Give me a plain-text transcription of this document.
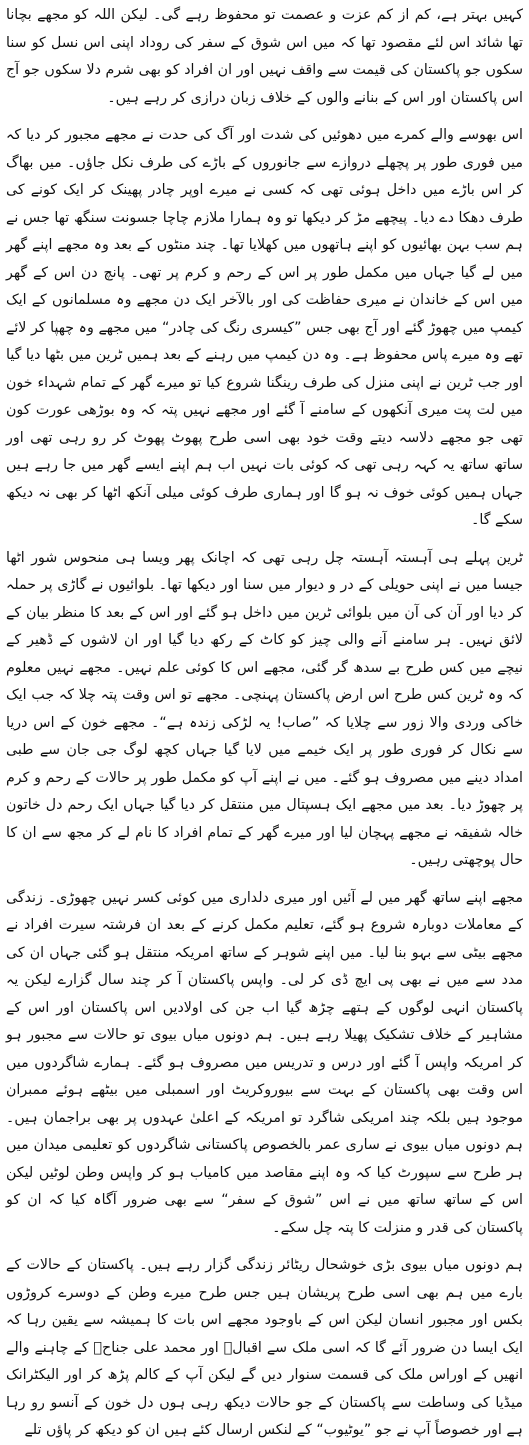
کہیں بہتر ہے، کم از کم عزت و عصمت تو محفوظ رہے گی۔ لیکن اللہ کو مجھے بچانا تھا شائد اس لئے مقصود تھا کہ میں اس شوق کے سفر کی روداد اپنی اس نسل کو سنا سکوں جو پاکستان کی قیمت سے واقف نہیں اور ان افراد کو بھی شرم دلا سکوں جو آج اس پاکستان اور اس کے بنانے والوں کے خلاف زبان درازی کر رہے ہیں۔

اس بھوسے والے کمرے میں دھوئیں کی شدت اور آگ کی حدت نے مجھے مجبور کر دیا کہ میں فوری طور پر پچھلے دروازے سے جانوروں کے باڑے کی طرف نکل جاؤں۔ میں بھاگ کر اس باڑے میں داخل ہوئی تھی کہ کسی نے میرے اوپر چادر پھینک کر ایک کونے کی طرف دھکا دے دیا۔ پیچھے مڑ کر دیکھا تو وہ ہمارا ملازم چاچا جسونت سنگھ تھا جس نے ہم سب بہن بھائیوں کو اپنے ہاتھوں میں کھلایا تھا۔ چند منٹوں کے بعد وہ مجھے اپنے گھر میں لے گیا جہاں میں مکمل طور پر اس کے رحم و کرم پر تھی۔ پانچ دن اس کے گھر میں اس کے خاندان نے میری حفاظت کی اور بالآخر ایک دن مجھے وہ مسلمانوں کے ایک کیمپ میں چھوڑ گئے اور آج بھی جس ”کیسری رنگ کی چادر“ میں مجھے وہ چھپا کر لائے تھے وہ میرے پاس محفوظ ہے۔ وہ دن کیمپ میں رہنے کے بعد ہمیں ٹرین میں بٹھا دیا گیا اور جب ٹرین نے اپنی منزل کی طرف رینگنا شروع کیا تو میرے گھر کے تمام شہداء خون میں لت پت میری آنکھوں کے سامنے آ گئے اور مجھے نہیں پتہ کہ وہ بوڑھی عورت کون تھی جو مجھے دلاسہ دیتے وقت خود بھی اسی طرح پھوٹ پھوٹ کر رو رہی تھی اور ساتھ ساتھ یہ کہہ رہی تھی کہ کوئی بات نہیں اب ہم اپنے ایسے گھر میں جا رہے ہیں جہاں ہمیں کوئی خوف نہ ہو گا اور ہماری طرف کوئی میلی آنکھ اٹھا کر بھی نہ دیکھ سکے گا۔

ٹرین پہلے ہی آہستہ آہستہ چل رہی تھی کہ اچانک پھر ویسا ہی منحوس شور اٹھا جیسا میں نے اپنی حویلی کے در و دیوار میں سنا اور دیکھا تھا۔ بلوائیوں نے گاڑی پر حملہ کر دیا اور آن کی آن میں بلوائی ٹرین میں داخل ہو گئے اور اس کے بعد کا منظر بیان کے لائق نہیں۔ ہر سامنے آنے والی چیز کو کاٹ کے رکھ دیا گیا اور ان لاشوں کے ڈھیر کے نیچے میں کس طرح بے سدھ گر گئی، مجھے اس کا کوئی علم نہیں۔ مجھے نہیں معلوم کہ وہ ٹرین کس طرح اس ارض پاکستان پہنچی۔ مجھے تو اس وقت پتہ چلا کہ جب ایک خاکی وردی والا زور سے چلایا کہ ”صاب! یہ لڑکی زندہ ہے“۔ مجھے خون کے اس دریا سے نکال کر فوری طور پر ایک خیمے میں لایا گیا جہاں کچھ لوگ جی جان سے طبی امداد دینے میں مصروف ہو گئے۔ میں نے اپنے آپ کو مکمل طور پر حالات کے رحم و کرم پر چھوڑ دیا۔ بعد میں مجھے ایک ہسپتال میں منتقل کر دیا گیا جہاں ایک رحم دل خاتون خالہ شفیقہ نے مجھے پہچان لیا اور میرے گھر کے تمام افراد کا نام لے کر مجھ سے ان کا حال پوچھتی رہیں۔

مجھے اپنے ساتھ گھر میں لے آئیں اور میری دلداری میں کوئی کسر نہیں چھوڑی۔ زندگی کے معاملات دوبارہ شروع ہو گئے، تعلیم مکمل کرنے کے بعد ان فرشتہ سیرت افراد نے مجھے بیٹی سے بہو بنا لیا۔ میں اپنے شوہر کے ساتھ امریکہ منتقل ہو گئی جہاں ان کی مدد سے میں نے بھی پی ایچ ڈی کر لی۔ واپس پاکستان آ کر چند سال گزارے لیکن یہ پاکستان انہی لوگوں کے ہتھے چڑھ گیا اب جن کی اولادیں اس پاکستان اور اس کے مشاہیر کے خلاف تشکیک پھیلا رہے ہیں۔ ہم دونوں میاں بیوی تو حالات سے مجبور ہو کر امریکہ واپس آ گئے اور درس و تدریس میں مصروف ہو گئے۔ ہمارے شاگردوں میں اس وقت بھی پاکستان کے بہت سے بیوروکریٹ اور اسمبلی میں بیٹھے ہوئے ممبران موجود ہیں بلکہ چند امریکی شاگرد تو امریکہ کے اعلیٰ عہدوں پر بھی براجمان ہیں۔ ہم دونوں میاں بیوی نے ساری عمر بالخصوص پاکستانی شاگردوں کو تعلیمی میدان میں ہر طرح سے سپورٹ کیا کہ وہ اپنے مقاصد میں کامیاب ہو کر واپس وطن لوٹیں لیکن اس کے ساتھ ساتھ میں نے اس ”شوق کے سفر“ سے بھی ضرور آگاہ کیا کہ ان کو پاکستان کی قدر و منزلت کا پتہ چل سکے۔

ہم دونوں میاں بیوی بڑی خوشحال ریٹائر زندگی گزار رہے ہیں۔ پاکستان کے حالات کے بارے میں ہم بھی اسی طرح پریشان ہیں جس طرح میرے وطن کے دوسرے کروڑوں بکس اور مجبور انسان لیکن اس کے باوجود مجھے اس بات کا ہمیشہ سے یقین رہا کہ ایک ایسا دن ضرور آئے گا کہ اسی ملک سے اقبالؒ اور محمد علی جناحؒ کے چاہنے والے انھیں کے اوراس ملک کی قسمت سنوار دیں گے لیکن آپ کے کالم پڑھ کر اور الیکٹرانک میڈیا کی وساطت سے پاکستان کے جو حالات دیکھ رہی ہوں دل خون کے آنسو رو رہا ہے اور خصوصاً آپ نے جو ”یوٹیوب“ کے لنکس ارسال کئے ہیں ان کو دیکھ کر پاؤں تلے
